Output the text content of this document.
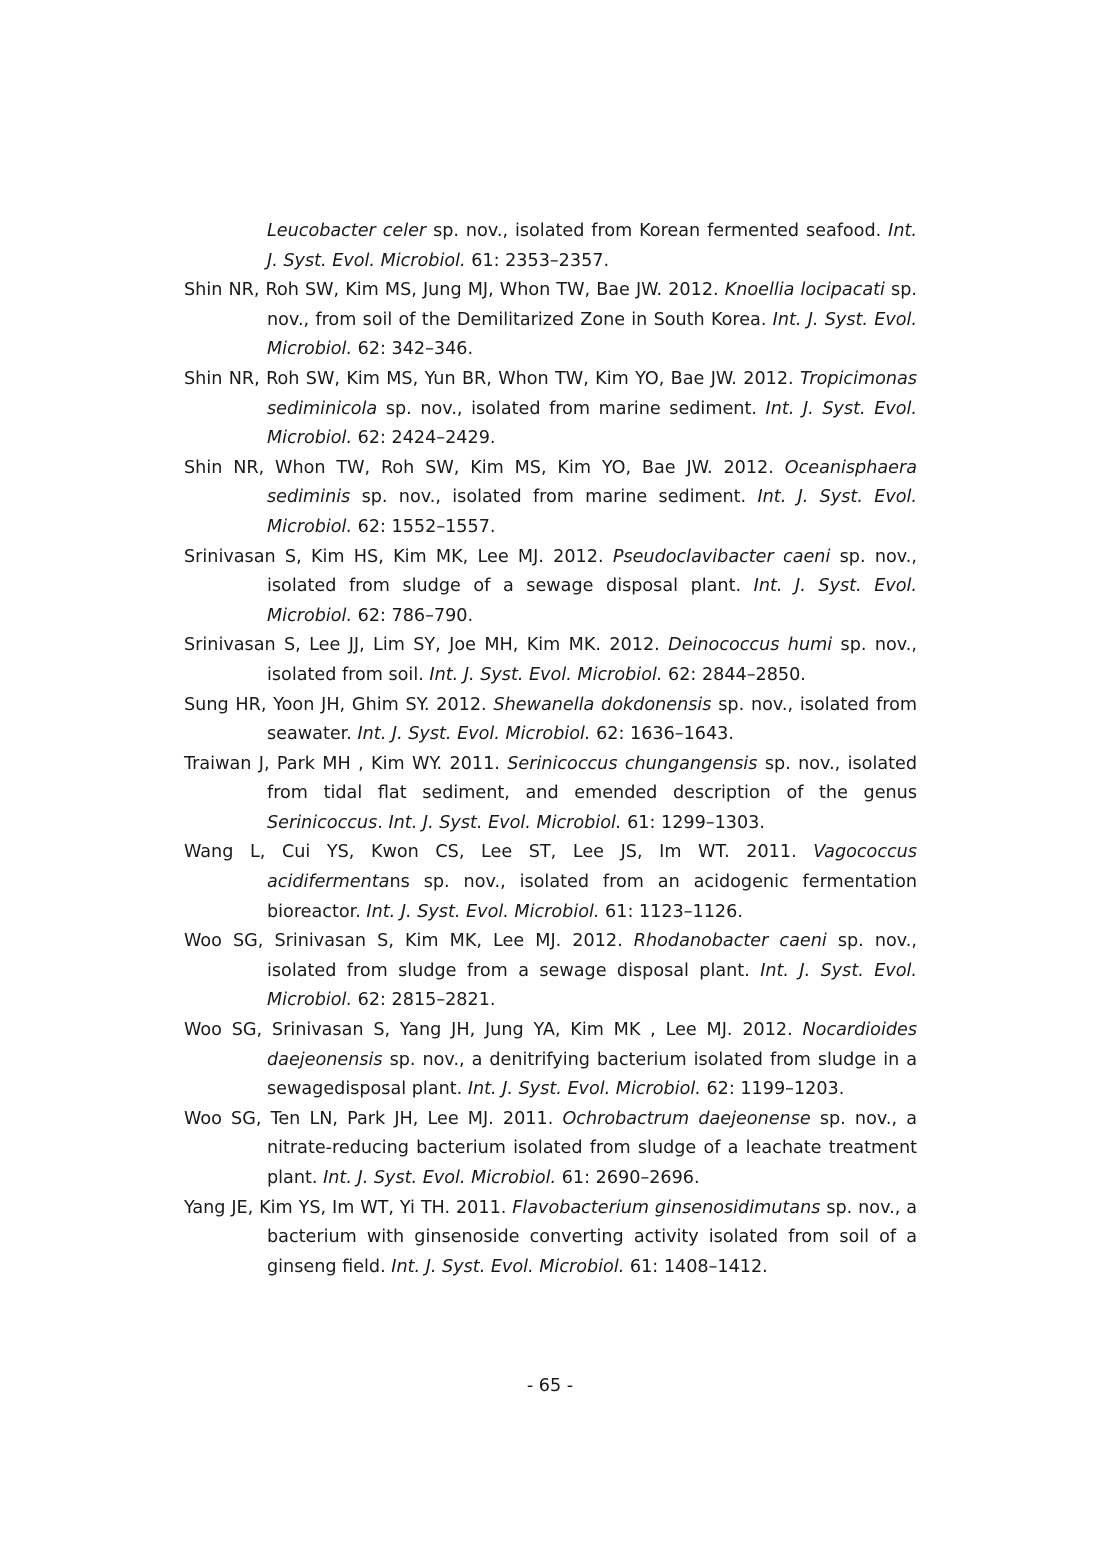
Leucobacter celer sp. nov., isolated from Korean fermented seafood. Int. J. Syst. Evol. Microbiol. 61: 2353–2357.

Shin NR, Roh SW, Kim MS, Jung MJ, Whon TW, Bae JW. 2012. Knoellia locipacati sp. nov., from soil of the Demilitarized Zone in South Korea. Int. J. Syst. Evol. Microbiol. 62: 342–346.

Shin NR, Roh SW, Kim MS, Yun BR, Whon TW, Kim YO, Bae JW. 2012. Tropicimonas sediminicola sp. nov., isolated from marine sediment. Int. J. Syst. Evol. Microbiol. 62: 2424–2429.

Shin NR, Whon TW, Roh SW, Kim MS, Kim YO, Bae JW. 2012. Oceanisphaera sediminis sp. nov., isolated from marine sediment. Int. J. Syst. Evol. Microbiol. 62: 1552–1557.

Srinivasan S, Kim HS, Kim MK, Lee MJ. 2012. Pseudoclavibacter caeni sp. nov., isolated from sludge of a sewage disposal plant. Int. J. Syst. Evol. Microbiol. 62: 786–790.

Srinivasan S, Lee JJ, Lim SY, Joe MH, Kim MK. 2012. Deinococcus humi sp. nov., isolated from soil. Int. J. Syst. Evol. Microbiol. 62: 2844–2850.

Sung HR, Yoon JH, Ghim SY. 2012. Shewanella dokdonensis sp. nov., isolated from seawater. Int. J. Syst. Evol. Microbiol. 62: 1636–1643.

Traiwan J, Park MH , Kim WY. 2011. Serinicoccus chungangensis sp. nov., isolated from tidal flat sediment, and emended description of the genus Serinicoccus. Int. J. Syst. Evol. Microbiol. 61: 1299–1303.

Wang L, Cui YS, Kwon CS, Lee ST, Lee JS, Im WT. 2011. Vagococcus acidifermentans sp. nov., isolated from an acidogenic fermentation bioreactor. Int. J. Syst. Evol. Microbiol. 61: 1123–1126.

Woo SG, Srinivasan S, Kim MK, Lee MJ. 2012. Rhodanobacter caeni sp. nov., isolated from sludge from a sewage disposal plant. Int. J. Syst. Evol. Microbiol. 62: 2815–2821.

Woo SG, Srinivasan S, Yang JH, Jung YA, Kim MK , Lee MJ. 2012. Nocardioides daejeonensis sp. nov., a denitrifying bacterium isolated from sludge in a sewagedisposal plant. Int. J. Syst. Evol. Microbiol. 62: 1199–1203.

Woo SG, Ten LN, Park JH, Lee MJ. 2011. Ochrobactrum daejeonense sp. nov., a nitrate-reducing bacterium isolated from sludge of a leachate treatment plant. Int. J. Syst. Evol. Microbiol. 61: 2690–2696.

Yang JE, Kim YS, Im WT, Yi TH. 2011. Flavobacterium ginsenosidimutans sp. nov., a bacterium with ginsenoside converting activity isolated from soil of a ginseng field. Int. J. Syst. Evol. Microbiol. 61: 1408–1412.

- 65 -
